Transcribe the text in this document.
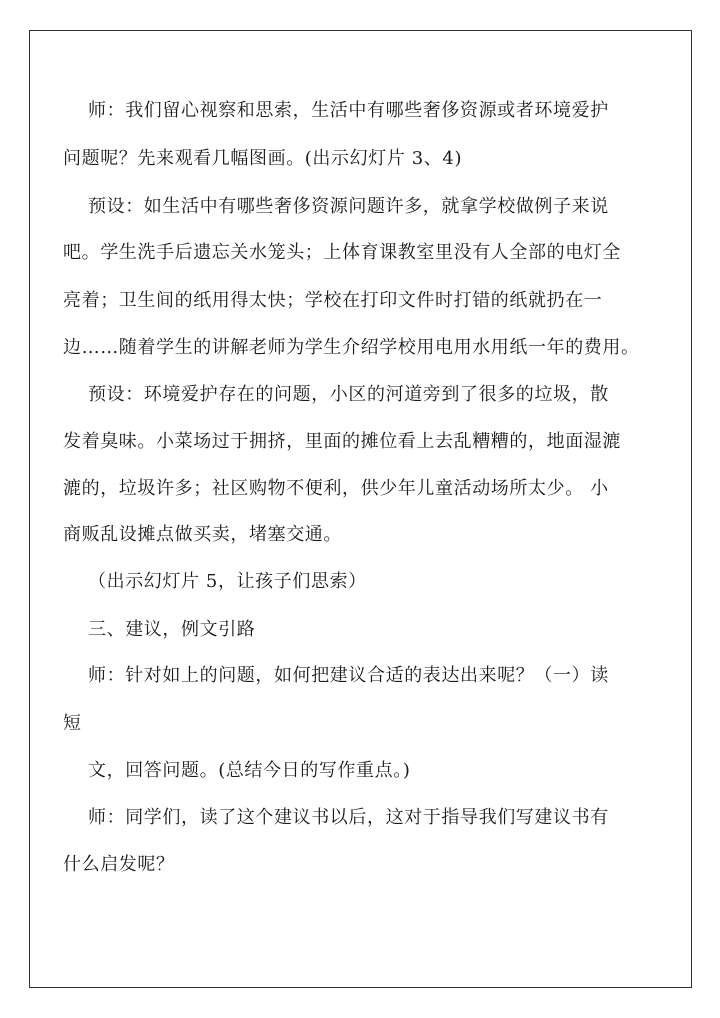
师：我们留心视察和思索，生活中有哪些奢侈资源或者环境爱护
问题呢？先来观看几幅图画。(出示幻灯片 3、4)
预设：如生活中有哪些奢侈资源问题许多，就拿学校做例子来说
吧。学生洗手后遗忘关水笼头；上体育课教室里没有人全部的电灯全
亮着；卫生间的纸用得太快；学校在打印文件时打错的纸就扔在一
边……随着学生的讲解老师为学生介绍学校用电用水用纸一年的费用。
预设：环境爱护存在的问题，小区的河道旁到了很多的垃圾，散
发着臭味。小菜场过于拥挤，里面的摊位看上去乱糟糟的，地面湿漉
漉的，垃圾许多；社区购物不便利，供少年儿童活动场所太少。 小
商贩乱设摊点做买卖，堵塞交通。
（出示幻灯片 5，让孩子们思索）
三、建议，例文引路
师：针对如上的问题，如何把建议合适的表达出来呢？（一）读
短
文，回答问题。(总结今日的写作重点。)
师：同学们，读了这个建议书以后，这对于指导我们写建议书有
什么启发呢？
